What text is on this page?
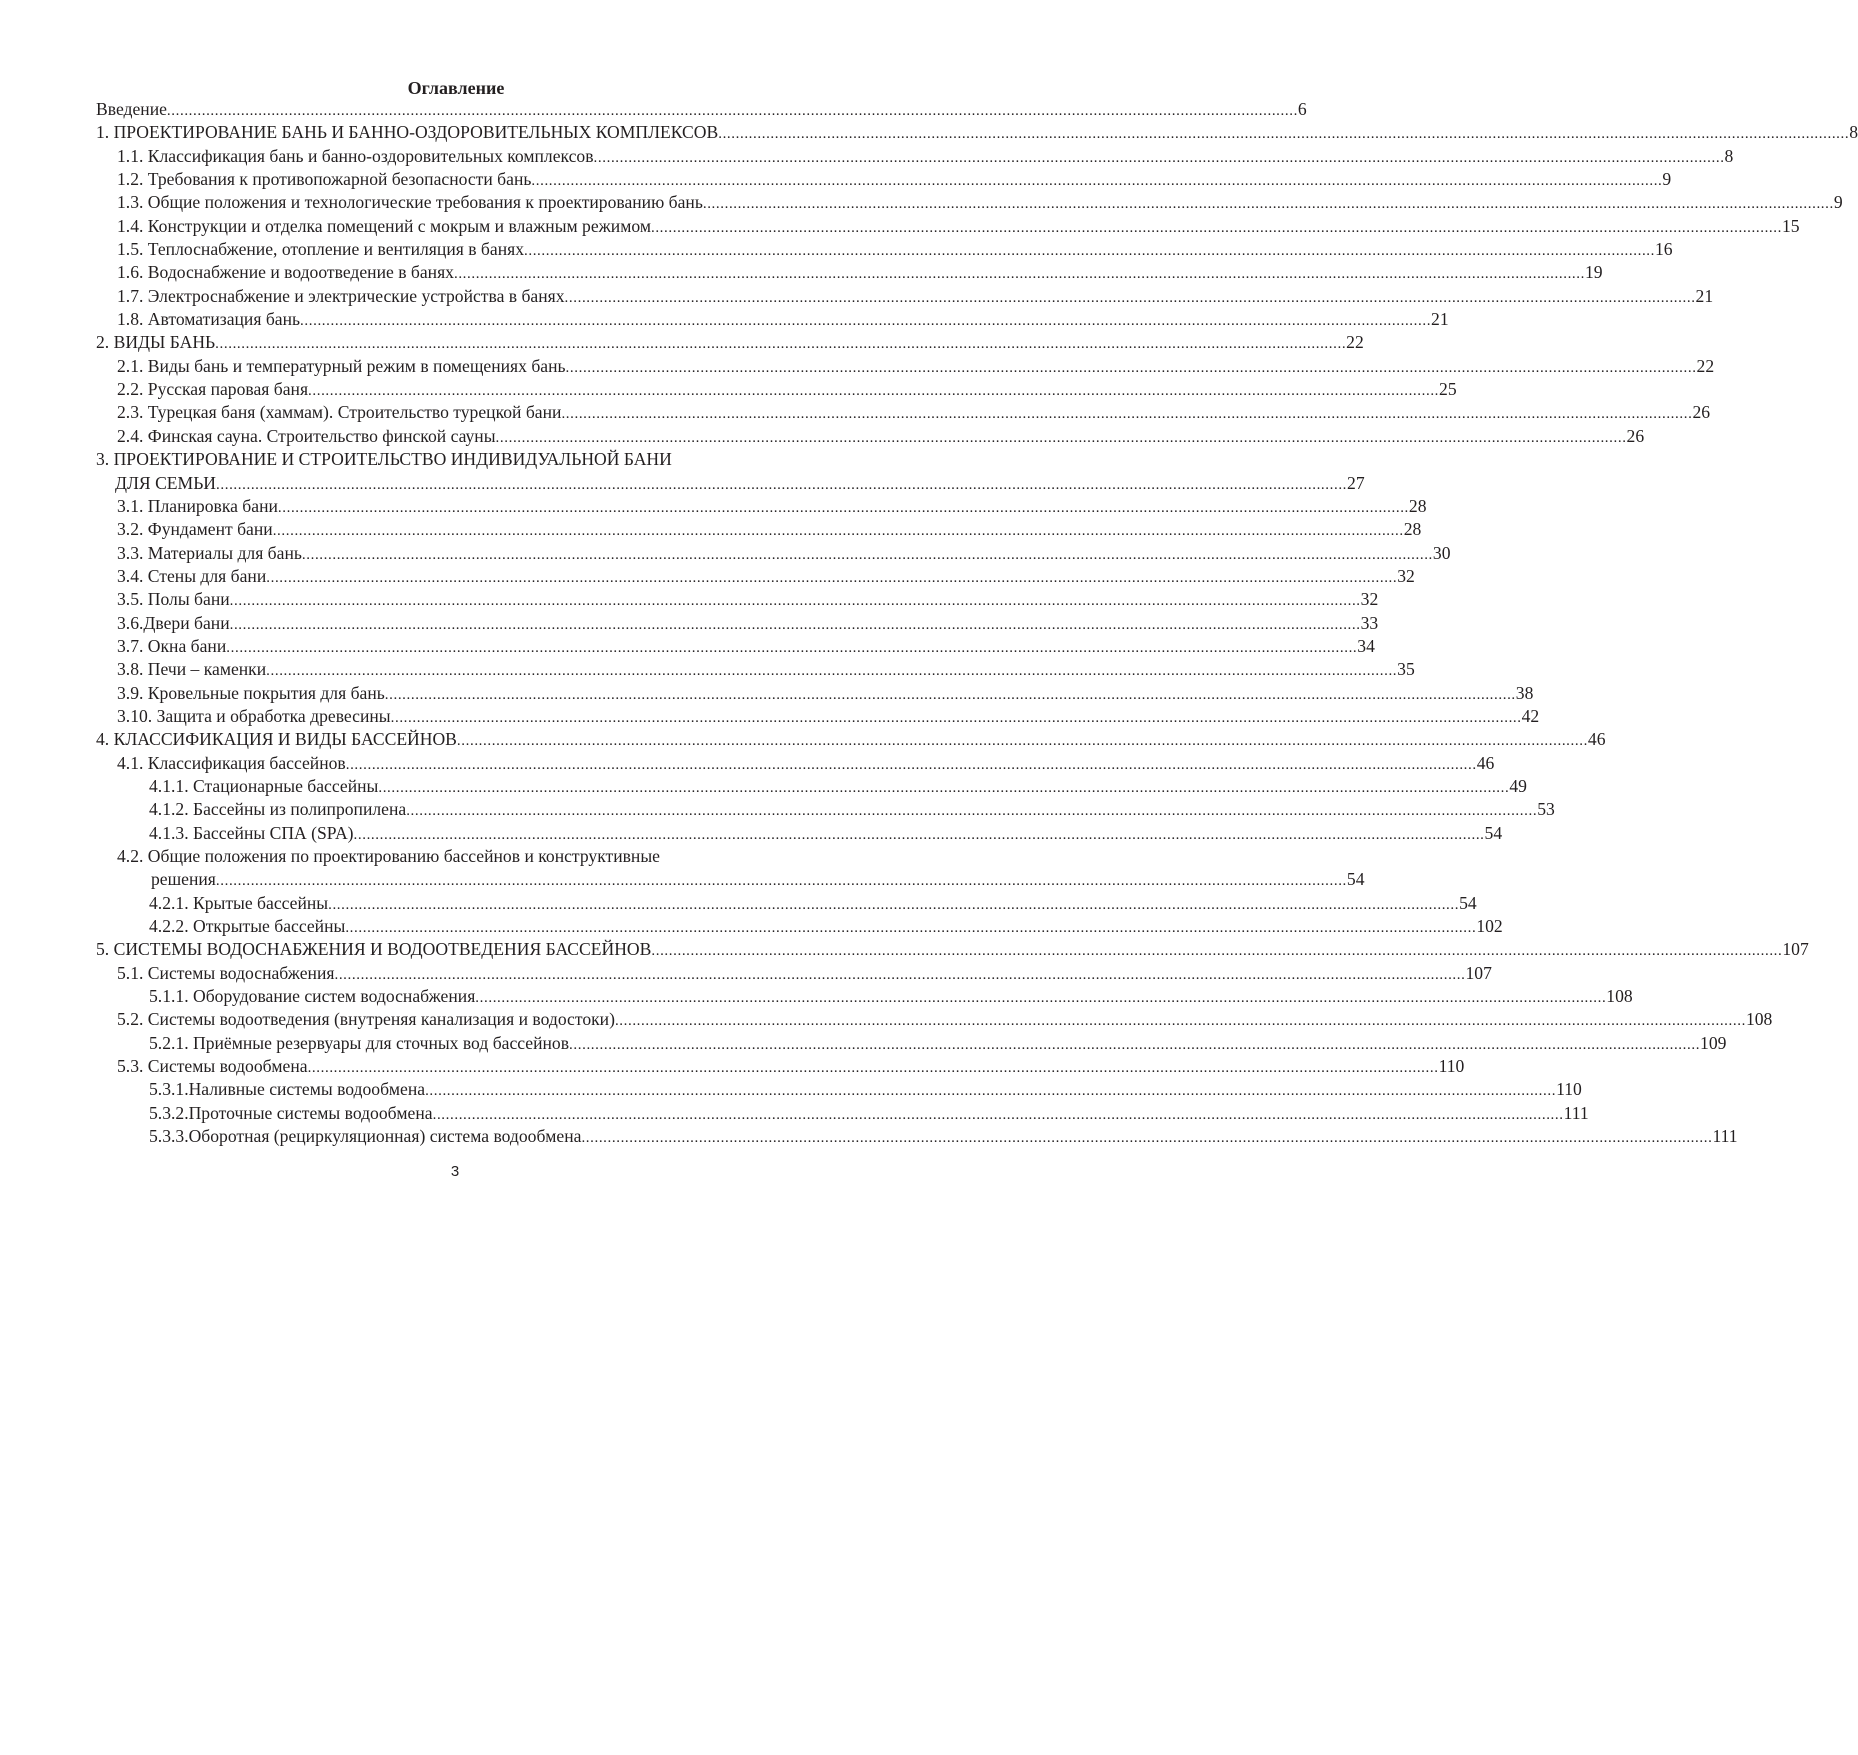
Оглавление
Введение .....	6
1. ПРОЕКТИРОВАНИЕ БАНЬ И БАННО-ОЗДОРОВИТЕЛЬНЫХ КОМПЛЕКСОВ .....	8
1.1. Классификация бань и банно-оздоровительных комплексов .....	8
1.2. Требования к противопожарной безопасности бань .....	9
1.3. Общие положения и технологические требования к проектированию бань .....	9
1.4. Конструкции и отделка помещений с мокрым и влажным режимом .....	15
1.5. Теплоснабжение, отопление и вентиляция в банях .....	16
1.6. Водоснабжение и водоотведение в банях .....	19
1.7. Электроснабжение и электрические устройства в банях .....	21
1.8. Автоматизация бань .....	21
2. ВИДЫ БАНЬ .....	22
2.1. Виды бань и температурный режим в помещениях бань .....	22
2.2. Русская паровая баня .....	25
2.3. Турецкая баня (хаммам). Строительство турецкой бани .....	26
2.4. Финская сауна. Строительство финской сауны .....	26
3. ПРОЕКТИРОВАНИЕ И СТРОИТЕЛЬСТВО ИНДИВИДУАЛЬНОЙ БАНИ
ДЛЯ СЕМЬИ .....	27
3.1. Планировка бани .....	28
3.2. Фундамент бани .....	28
3.3. Материалы для бань .....	30
3.4. Стены для бани .....	32
3.5. Полы бани .....	32
3.6.Двери бани .....	33
3.7. Окна бани .....	34
3.8. Печи – каменки .....	35
3.9. Кровельные покрытия для бань .....	38
3.10. Защита и обработка древесины .....	42
4. КЛАССИФИКАЦИЯ И ВИДЫ БАССЕЙНОВ .....	46
4.1. Классификация бассейнов .....	46
4.1.1. Стационарные бассейны .....	49
4.1.2. Бассейны из полипропилена .....	53
4.1.3. Бассейны СПА (SPA) .....	54
4.2. Общие положения по проектированию бассейнов и конструктивные
решения .....	54
4.2.1. Крытые бассейны .....	54
4.2.2. Открытые бассейны .....	102
5. СИСТЕМЫ ВОДОСНАБЖЕНИЯ И ВОДООТВЕДЕНИЯ БАССЕЙНОВ .....	107
5.1. Системы водоснабжения .....	107
5.1.1. Оборудование систем водоснабжения .....	108
5.2. Системы водоотведения (внутреняя канализация и водостоки) .....	108
5.2.1. Приёмные резервуары для сточных вод бассейнов .....	109
5.3. Системы водообмена .....	110
5.3.1.Наливные системы водообмена .....	110
5.3.2.Проточные системы водообмена .....	111
5.3.3.Оборотная (рециркуляционная) система водообмена .....	111
3
